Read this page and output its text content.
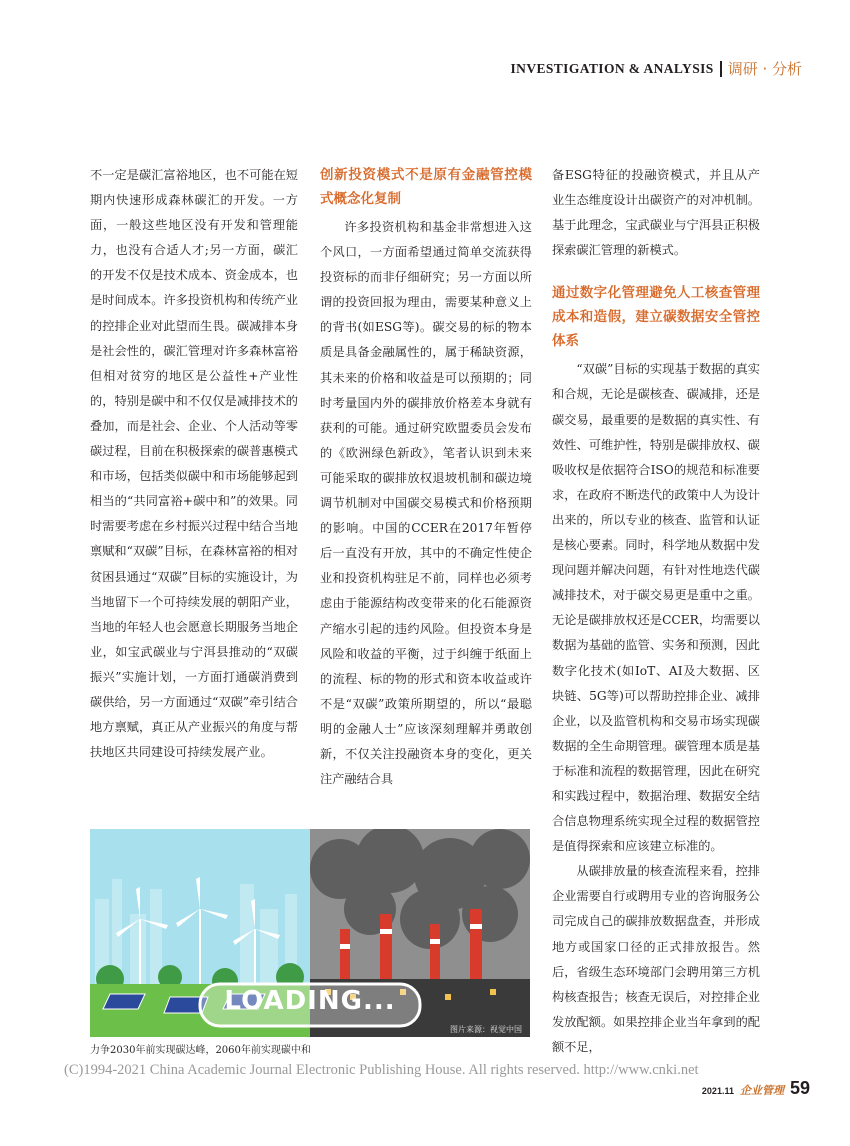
INVESTIGATION & ANALYSIS 调研 · 分析

不一定是碳汇富裕地区，也不可能在短期内快速形成森林碳汇的开发。一方面，一般这些地区没有开发和管理能力，也没有合适人才;另一方面，碳汇的开发不仅是技术成本、资金成本，也是时间成本。许多投资机构和传统产业的控排企业对此望而生畏。碳减排本身是社会性的，碳汇管理对许多森林富裕但相对贫穷的地区是公益性+产业性的，特别是碳中和不仅仅是减排技术的叠加，而是社会、企业、个人活动等零碳过程，目前在积极探索的碳普惠模式和市场，包括类似碳中和市场能够起到相当的“共同富裕+碳中和”的效果。同时需要考虑在乡村振兴过程中结合当地禀赋和“双碳”目标，在森林富裕的相对贫困县通过“双碳”目标的实施设计，为当地留下一个可持续发展的朝阳产业，当地的年轻人也会愿意长期服务当地企业，如宝武碳业与宁洱县推动的“双碳振兴”实施计划，一方面打通碳消费到碳供给，另一方面通过“双碳”牵引结合地方禀赋，真正从产业振兴的角度与帮扶地区共同建设可持续发展产业。

创新投资模式不是原有金融管控模式概念化复制

许多投资机构和基金非常想进入这个风口，一方面希望通过简单交流获得投资标的而非仔细研究；另一方面以所谓的投资回报为理由，需要某种意义上的背书(如ESG等)。碳交易的标的物本质是具备金融属性的，属于稀缺资源，其未来的价格和收益是可以预期的；同时考量国内外的碳排放价格差本身就有获利的可能。通过研究欧盟委员会发布的《欧洲绿色新政》，笔者认识到未来可能采取的碳排放权退坡机制和碳边境调节机制对中国碳交易模式和价格预期的影响。中国的CCER在2017年暂停后一直没有开放，其中的不确定性使企业和投资机构驻足不前，同样也必须考虑由于能源结构改变带来的化石能源资产缩水引起的违约风险。但投资本身是风险和收益的平衡，过于纠缠于纸面上的流程、标的物的形式和资本收益或许不是“双碳”政策所期望的，所以“最聪明的金融人士”应该深刻理解并勇敢创新，不仅关注投融资本身的变化，更关注产融结合具

备ESG特征的投融资模式，并且从产业生态维度设计出碳资产的对冲机制。基于此理念，宝武碳业与宁洱县正积极探索碳汇管理的新模式。

通过数字化管理避免人工核查管理成本和造假，建立碳数据安全管控体系

“双碳”目标的实现基于数据的真实和合规，无论是碳核查、碳减排，还是碳交易，最重要的是数据的真实性、有效性、可维护性，特别是碳排放权、碳吸收权是依据符合ISO的规范和标准要求，在政府不断迭代的政策中人为设计出来的，所以专业的核查、监管和认证是核心要素。同时，科学地从数据中发现问题并解决问题，有针对性地迭代碳减排技术，对于碳交易更是重中之重。无论是碳排放权还是CCER，均需要以数据为基础的监管、实务和预测，因此数字化技术(如IoT、AI及大数据、区块链、5G等)可以帮助控排企业、减排企业，以及监管机构和交易市场实现碳数据的全生命期管理。碳管理本质是基于标准和流程的数据管理，因此在研究和实践过程中，数据治理、数据安全结合信息物理系统实现全过程的数据管控是值得探索和应该建立标准的。

从碳排放量的核查流程来看，控排企业需要自行或聘用专业的咨询服务公司完成自己的碳排放数据盘查，并形成地方或国家口径的正式排放报告。然后，省级生态环境部门会聘用第三方机构核查报告；核查无误后，对控排企业发放配额。如果控排企业当年拿到的配额不足，

LOADING...
图片来源：视觉中国
力争2030年前实现碳达峰，2060年前实现碳中和
(C)1994-2021 China Academic Journal Electronic Publishing House. All rights reserved. http://www.cnki.net
2021.11 企业管理 59
